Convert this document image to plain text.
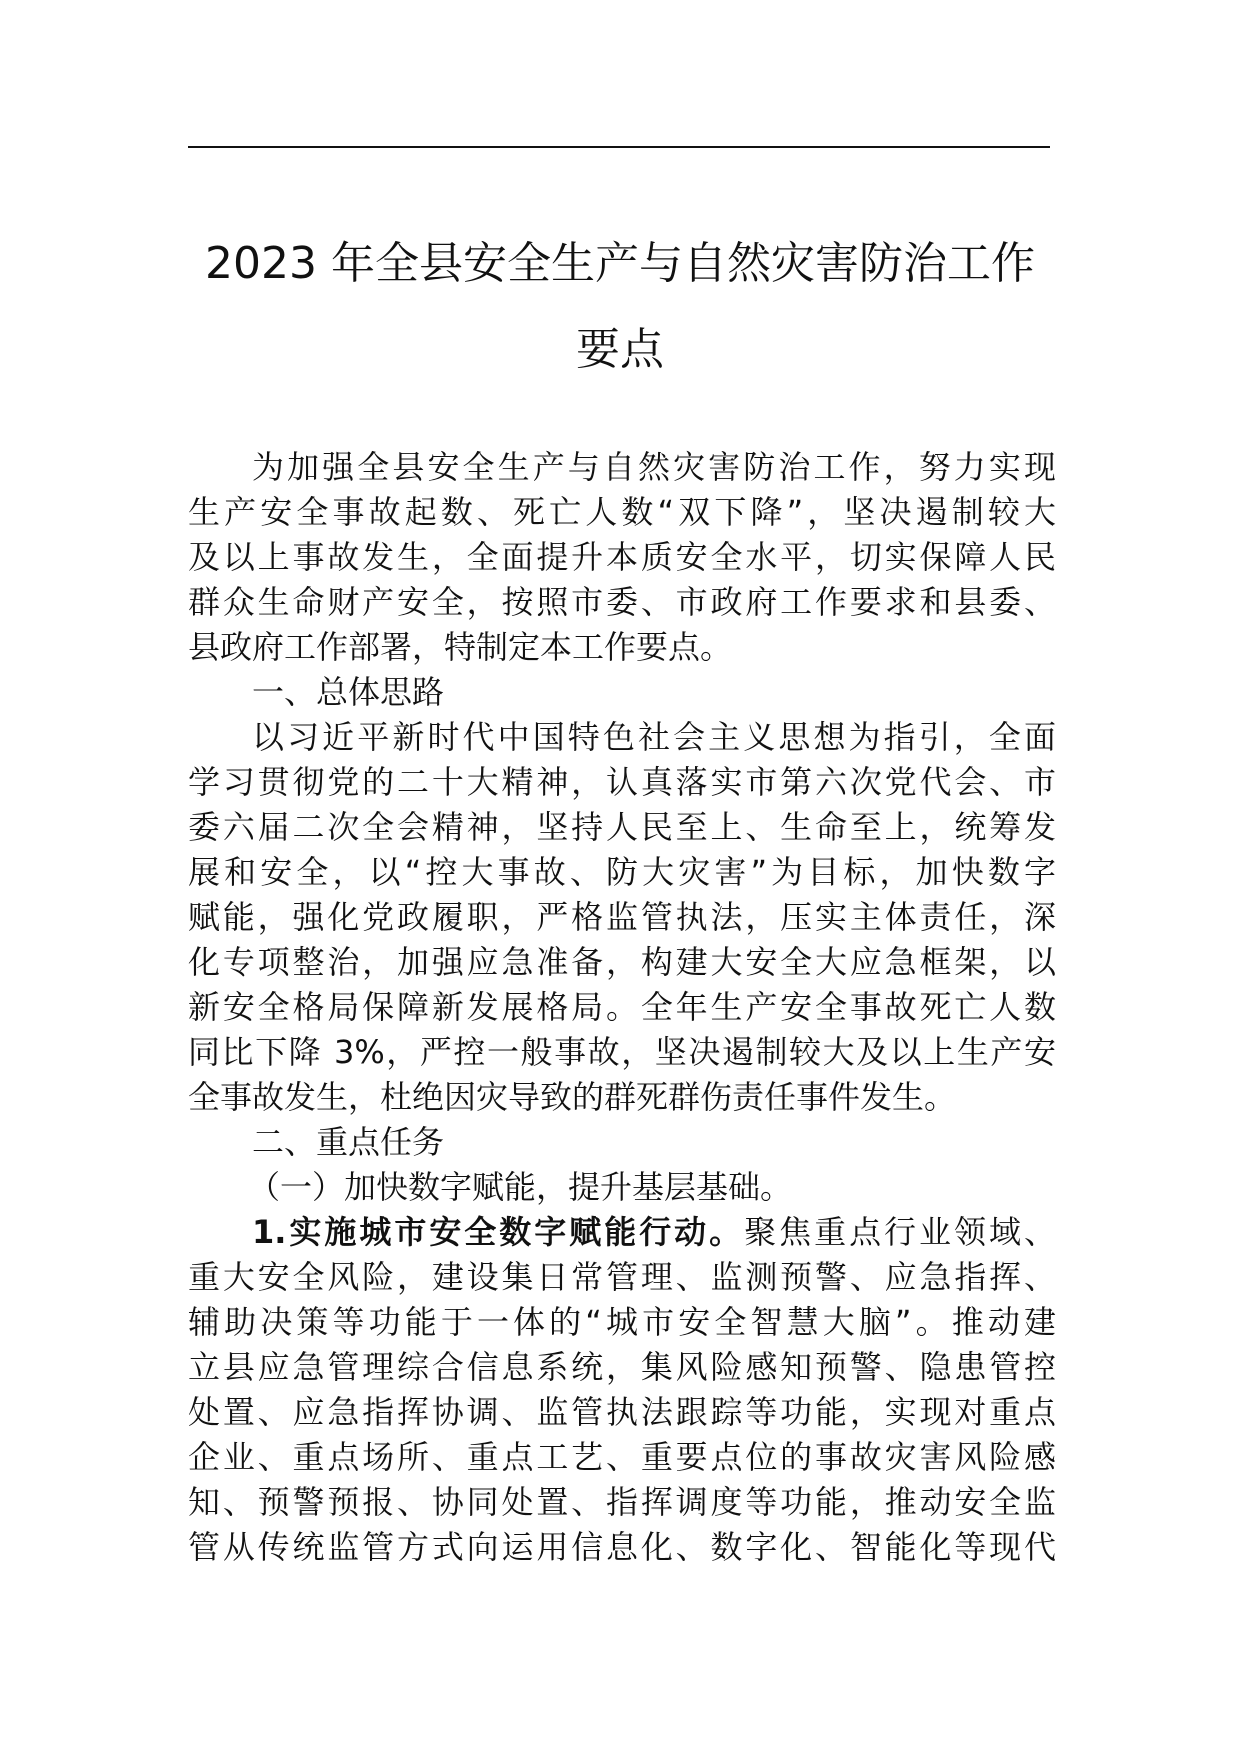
2023 年全县安全生产与自然灾害防治工作
要点
为加强全县安全生产与自然灾害防治工作，努力实现
生产安全事故起数、死亡人数“双下降”，坚决遏制较大
及以上事故发生，全面提升本质安全水平，切实保障人民
群众生命财产安全，按照市委、市政府工作要求和县委、
县政府工作部署，特制定本工作要点。
一、总体思路
以习近平新时代中国特色社会主义思想为指引，全面
学习贯彻党的二十大精神，认真落实市第六次党代会、市
委六届二次全会精神，坚持人民至上、生命至上，统筹发
展和安全，以“控大事故、防大灾害”为目标，加快数字
赋能，强化党政履职，严格监管执法，压实主体责任，深
化专项整治，加强应急准备，构建大安全大应急框架，以
新安全格局保障新发展格局。全年生产安全事故死亡人数
同比下降 3%，严控一般事故，坚决遏制较大及以上生产安
全事故发生，杜绝因灾导致的群死群伤责任事件发生。
二、重点任务
（一）加快数字赋能，提升基层基础。
1.实施城市安全数字赋能行动。聚焦重点行业领域、
重大安全风险，建设集日常管理、监测预警、应急指挥、
辅助决策等功能于一体的“城市安全智慧大脑”。推动建
立县应急管理综合信息系统，集风险感知预警、隐患管控
处置、应急指挥协调、监管执法跟踪等功能，实现对重点
企业、重点场所、重点工艺、重要点位的事故灾害风险感
知、预警预报、协同处置、指挥调度等功能，推动安全监
管从传统监管方式向运用信息化、数字化、智能化等现代
